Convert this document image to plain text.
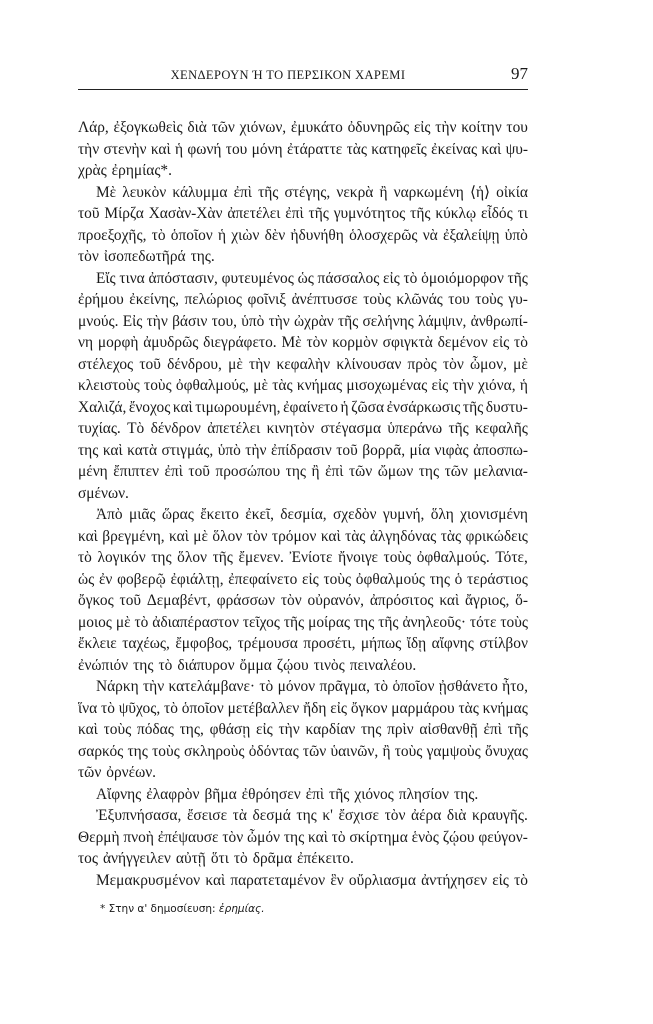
ΧΕΝΔΕΡΟΥΝ Ή ΤΟ ΠΕΡΣΙΚΟΝ ΧΑΡΕΜΙ	97
Λάρ, ἐξογκωθεὶς διὰ τῶν χιόνων, ἐμυκάτο ὀδυνηρῶς εἰς τὴν κοίτην του
τὴν στενὴν καὶ ἡ φωνή του μόνη ἐτάραττε τὰς κατηφεῖς ἐκείνας καὶ ψυ-
χρὰς ἐρημίας*.
Μὲ λευκὸν κάλυμμα ἐπὶ τῆς στέγης, νεκρὰ ἢ ναρκωμένη ⟨ἡ⟩ οἰκία
τοῦ Μίρζα Χασὰν-Χὰν ἀπετέλει ἐπὶ τῆς γυμνότητος τῆς κύκλῳ εἶδός τι
προεξοχῆς, τὸ ὁποῖον ἡ χιὼν δὲν ἠδυνήθη ὁλοσχερῶς νὰ ἐξαλείψῃ ὑπὸ
τὸν ἰσοπεδωτῆρά της.
Εἴς τινα ἀπόστασιν, φυτευμένος ὡς πάσσαλος εἰς τὸ ὁμοιόμορφον τῆς
ἐρήμου ἐκείνης, πελώριος φοῖνιξ ἀνέπτυσσε τοὺς κλῶνάς του τοὺς γυ-
μνούς. Εἰς τὴν βάσιν του, ὑπὸ τὴν ὠχρὰν τῆς σελήνης λάμψιν, ἀνθρωπί-
νη μορφὴ ἀμυδρῶς διεγράφετο. Μὲ τὸν κορμὸν σφιγκτὰ δεμένον εἰς τὸ
στέλεχος τοῦ δένδρου, μὲ τὴν κεφαλὴν κλίνουσαν πρὸς τὸν ὦμον, μὲ
κλειστοὺς τοὺς ὀφθαλμούς, μὲ τὰς κνήμας μισοχωμένας εἰς τὴν χιόνα, ἡ
Χαλιζά, ἔνοχος καὶ τιμωρουμένη, ἐφαίνετο ἡ ζῶσα ἐνσάρκωσις τῆς δυστυ-
τυχίας. Τὸ δένδρον ἀπετέλει κινητὸν στέγασμα ὑπεράνω τῆς κεφαλῆς
της καὶ κατὰ στιγμάς, ὑπὸ τὴν ἐπίδρασιν τοῦ βορρᾶ, μία νιφὰς ἀποσπω-
μένη ἔπιπτεν ἐπὶ τοῦ προσώπου της ἢ ἐπὶ τῶν ὤμων της τῶν μελανια-
σμένων.
Ἀπὸ μιᾶς ὥρας ἔκειτο ἐκεῖ, δεσμία, σχεδὸν γυμνή, ὅλη χιονισμένη
καὶ βρεγμένη, καὶ μὲ ὅλον τὸν τρόμον καὶ τὰς ἀλγηδόνας τὰς φρικώδεις
τὸ λογικόν της ὅλον τῆς ἔμενεν. Ἐνίοτε ἤνοιγε τοὺς ὀφθαλμούς. Τότε,
ὡς ἐν φοβερῷ ἐφιάλτῃ, ἐπεφαίνετο εἰς τοὺς ὀφθαλμούς της ὁ τεράστιος
ὄγκος τοῦ Δεμαβέντ, φράσσων τὸν οὐρανόν, ἀπρόσιτος καὶ ἄγριος, ὅ-
μοιος μὲ τὸ ἀδιαπέραστον τεῖχος τῆς μοίρας της τῆς ἀνηλεοῦς· τότε τοὺς
ἔκλειε ταχέως, ἔμφοβος, τρέμουσα προσέτι, μήπως ἴδῃ αἴφνης στίλβον
ἐνώπιόν της τὸ διάπυρον ὄμμα ζῴου τινὸς πειναλέου.
Νάρκη τὴν κατελάμβανε· τὸ μόνον πρᾶγμα, τὸ ὁποῖον ᾐσθάνετο ἦτο,
ἵνα τὸ ψῦχος, τὸ ὁποῖον μετέβαλλεν ἤδη εἰς ὄγκον μαρμάρου τὰς κνήμας
καὶ τοὺς πόδας της, φθάσῃ εἰς τὴν καρδίαν της πρὶν αἰσθανθῇ ἐπὶ τῆς
σαρκός της τοὺς σκληροὺς ὀδόντας τῶν ὑαινῶν, ἢ τοὺς γαμψοὺς ὄνυχας
τῶν ὀρνέων.
Αἴφνης ἐλαφρὸν βῆμα ἐθρόησεν ἐπὶ τῆς χιόνος πλησίον της.
Ἐξυπνήσασα, ἔσεισε τὰ δεσμά της κ' ἔσχισε τὸν ἀέρα διὰ κραυγῆς.
Θερμὴ πνοὴ ἐπέψαυσε τὸν ὦμόν της καὶ τὸ σκίρτημα ἑνὸς ζῴου φεύγον-
τος ἀνήγγειλεν αὐτῇ ὅτι τὸ δρᾶμα ἐπέκειτο.
Μεμακρυσμένον καὶ παρατεταμένον ἓν οὔρλιασμα ἀντήχησεν εἰς τὸ
* Στην α' δημοσίευση: ἐρημίας.
